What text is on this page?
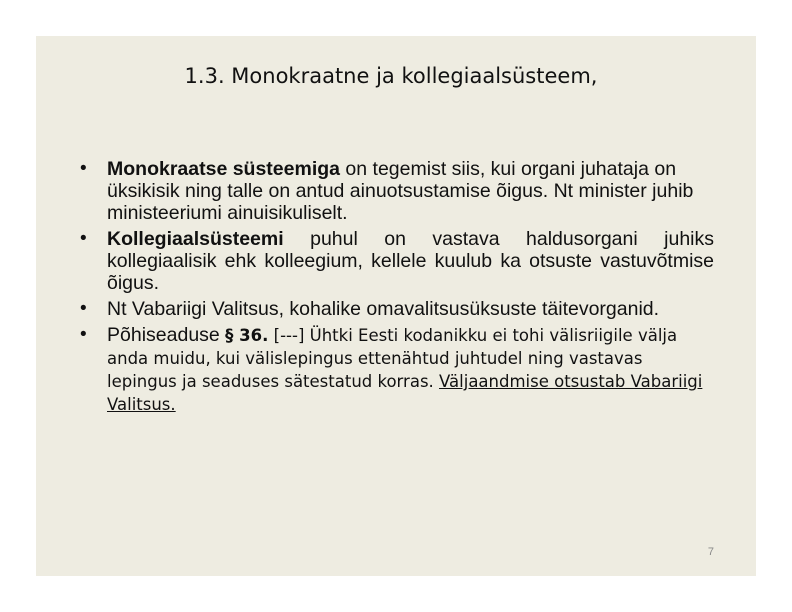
1.3. Monokraatne ja kollegiaalsüsteem,
• Monokraatse süsteemiga on tegemist siis, kui organi juhataja on üksikisik ning talle on antud ainuotsustamise õigus. Nt minister juhib ministeeriumi ainuisikuliselt.
• Kollegiaalsüsteemi puhul on vastava haldusorgani juhiks kollegiaalisik ehk kolleegium, kellele kuulub ka otsuste vastuvõtmise õigus.
• Nt Vabariigi Valitsus, kohalike omavalitsusüksuste täitevorganid.
• Põhiseaduse § 36. [---] Ühtki Eesti kodanikku ei tohi välisriigile välja anda muidu, kui välislepingus ettenähtud juhtudel ning vastavas lepingus ja seaduses sätestatud korras. Väljaandmise otsustab Vabariigi Valitsus.
7
